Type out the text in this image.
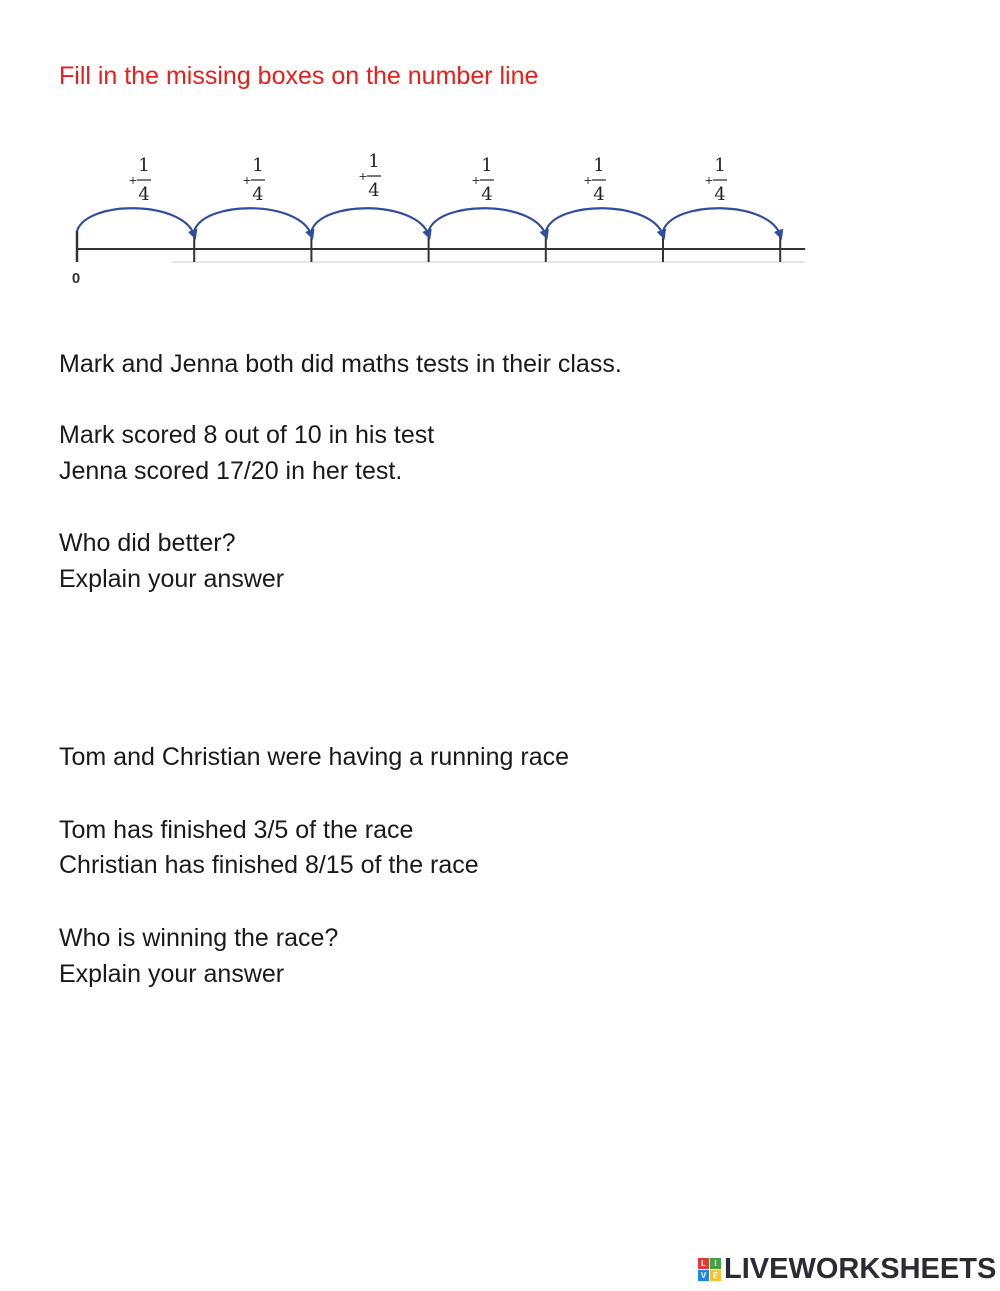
Fill in the missing boxes on the number line
+
1
4
+
1
4
+
1
4	+
1
4
+
1
4
+
1
4
0
Mark and Jenna both did maths tests in their class.
Mark scored 8 out of 10 in his test
Jenna scored 17/20 in her test.
Who did better?
Explain your answer
Tom and Christian were having a running race
Tom has finished 3/5 of the race
Christian has finished 8/15 of the race
Who is winning the race?
Explain your answer
L	I
V E LIVEWORKSHEETS
